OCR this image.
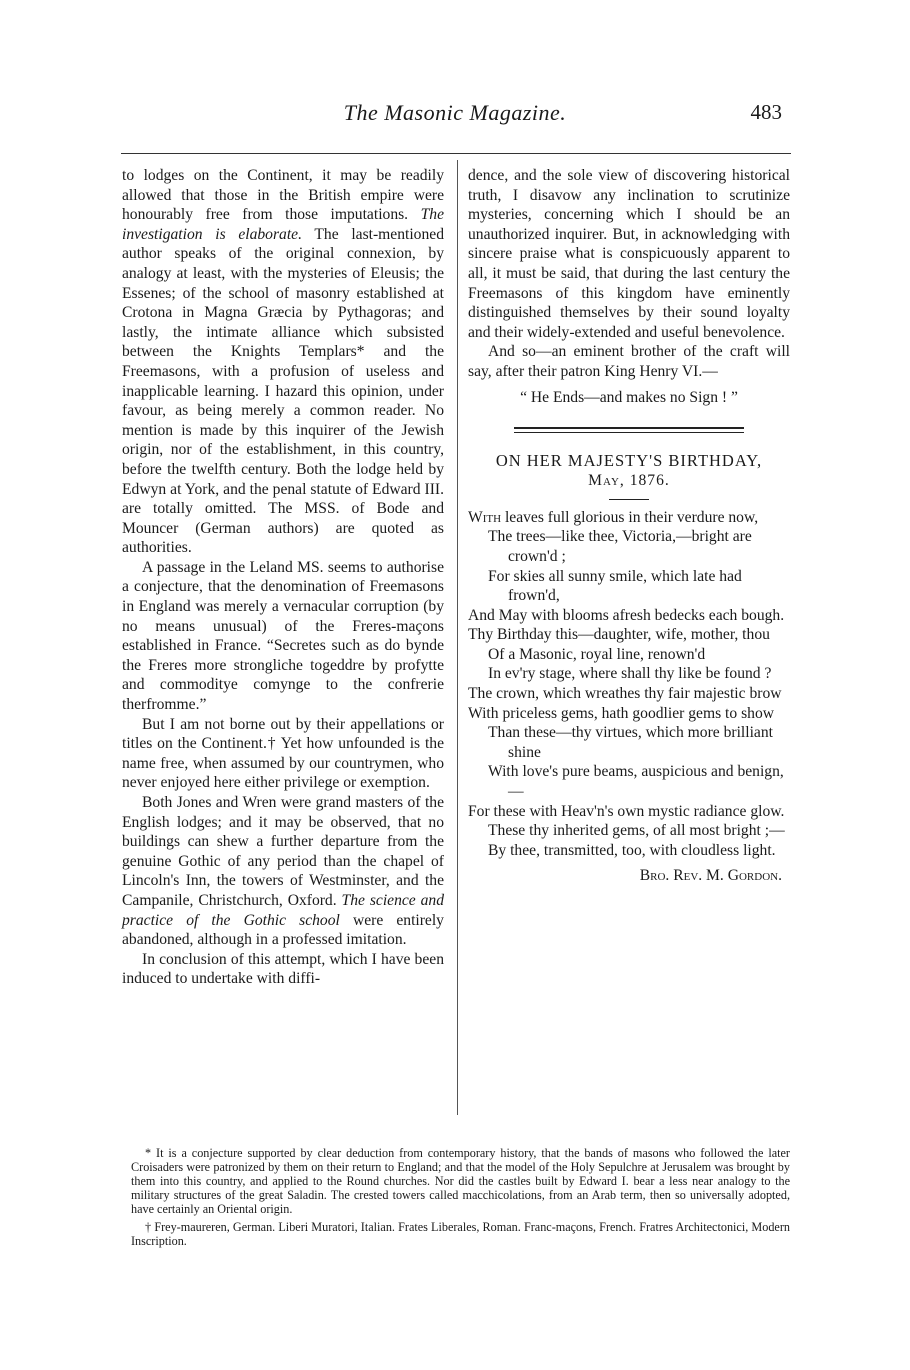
The Masonic Magazine.	483

to lodges on the Continent, it may be readily allowed that those in the British empire were honourably free from those imputations. The investigation is elaborate. The last-mentioned author speaks of the original connexion, by analogy at least, with the mysteries of Eleusis; the Essenes; of the school of masonry established at Crotona in Magna Græcia by Pythagoras; and lastly, the intimate alliance which subsisted between the Knights Templars* and the Freemasons, with a profusion of useless and inapplicable learning. I hazard this opinion, under favour, as being merely a common reader. No mention is made by this inquirer of the Jewish origin, nor of the establishment, in this country, before the twelfth century. Both the lodge held by Edwyn at York, and the penal statute of Edward III. are totally omitted. The MSS. of Bode and Mouncer (German authors) are quoted as authorities.

A passage in the Leland MS. seems to authorise a conjecture, that the denomination of Freemasons in England was merely a vernacular corruption (by no means unusual) of the Freres-maçons established in France. “Secretes such as do bynde the Freres more strongliche togeddre by profytte and commoditye comynge to the confrerie therfromme.”

But I am not borne out by their appellations or titles on the Continent.† Yet how unfounded is the name free, when assumed by our countrymen, who never enjoyed here either privilege or exemption.

Both Jones and Wren were grand masters of the English lodges; and it may be observed, that no buildings can shew a further departure from the genuine Gothic of any period than the chapel of Lincoln's Inn, the towers of Westminster, and the Campanile, Christchurch, Oxford. The science and practice of the Gothic school were entirely abandoned, although in a professed imitation.

In conclusion of this attempt, which I have been induced to undertake with diffi-

dence, and the sole view of discovering historical truth, I disavow any inclination to scrutinize mysteries, concerning which I should be an unauthorized inquirer. But, in acknowledging with sincere praise what is conspicuously apparent to all, it must be said, that during the last century the Freemasons of this kingdom have eminently distinguished themselves by their sound loyalty and their widely-extended and useful benevolence.

And so—an eminent brother of the craft will say, after their patron King Henry VI.—

“ He Ends—and makes no Sign ! ”

ON HER MAJESTY'S BIRTHDAY,

May, 1876.

With leaves full glorious in their verdure now,
The trees—like thee, Victoria,—bright are crown'd ;
For skies all sunny smile, which late had frown'd,
And May with blooms afresh bedecks each bough.
Thy Birthday this—daughter, wife, mother, thou
Of a Masonic, royal line, renown'd
In ev'ry stage, where shall thy like be found ?
The crown, which wreathes thy fair majestic brow
With priceless gems, hath goodlier gems to show
Than these—thy virtues, which more brilliant shine
With love's pure beams, auspicious and benign,—
For these with Heav'n's own mystic radiance glow.
These thy inherited gems, of all most bright ;—
By thee, transmitted, too, with cloudless light.

Bro. Rev. M. Gordon.

* It is a conjecture supported by clear deduction from contemporary history, that the bands of masons who followed the later Croisaders were patronized by them on their return to England; and that the model of the Holy Sepulchre at Jerusalem was brought by them into this country, and applied to the Round churches. Nor did the castles built by Edward I. bear a less near analogy to the military structures of the great Saladin. The crested towers called macchicolations, from an Arab term, then so universally adopted, have certainly an Oriental origin.

† Frey-maureren, German. Liberi Muratori, Italian. Frates Liberales, Roman. Franc-maçons, French. Fratres Architectonici, Modern Inscription.
